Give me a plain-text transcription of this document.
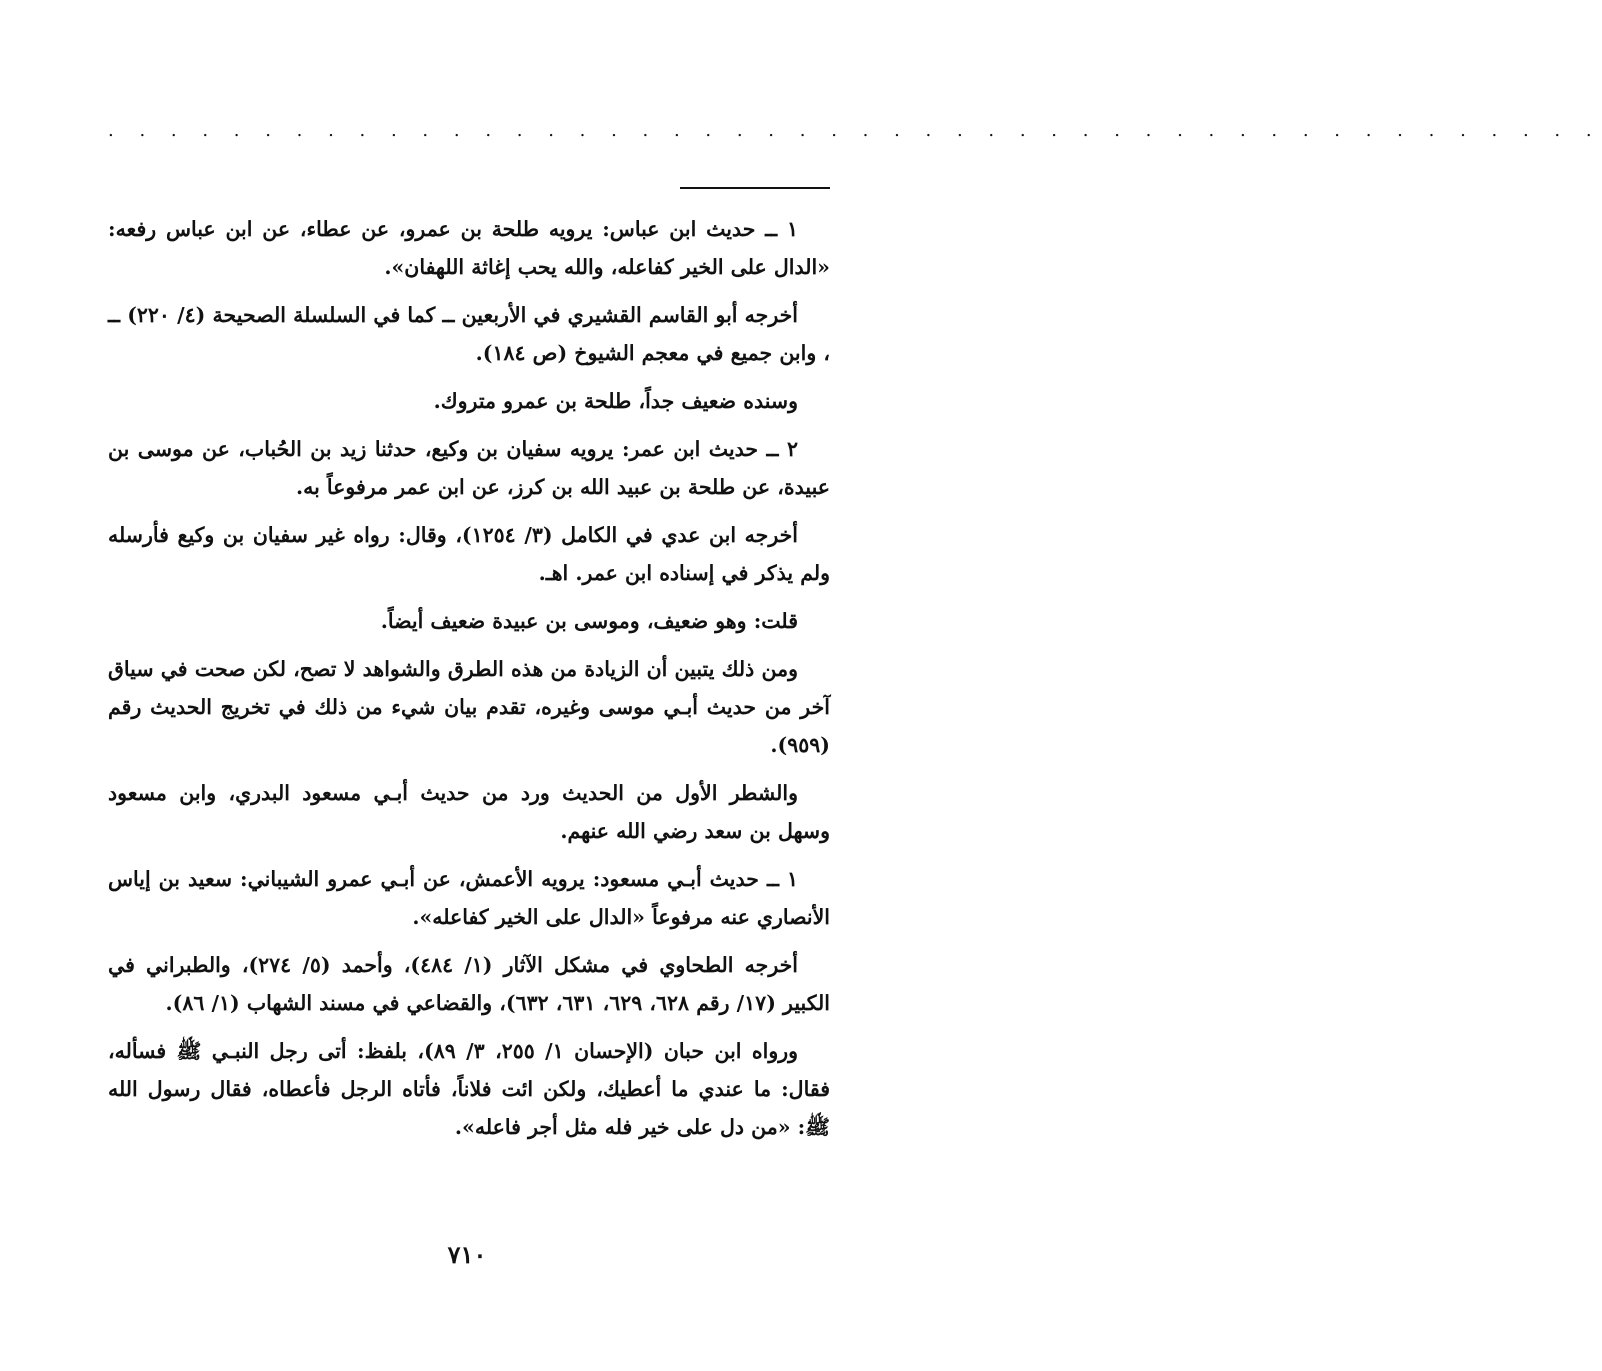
. . . . . . . . . . . . . . . . . . . . . . . . . . . . . . . . . . . . . . . . . . . . . . . .

١ ــ حديث ابن عباس: يرويه طلحة بن عمرو، عن عطاء، عن ابن عباس رفعه: «الدال على الخير كفاعله، والله يحب إغاثة اللهفان».

أخرجه أبو القاسم القشيري في الأربعين ــ كما في السلسلة الصحيحة (٤/ ٢٢٠) ــ ، وابن جميع في معجم الشيوخ (ص ١٨٤).

وسنده ضعيف جداً، طلحة بن عمرو متروك.

٢ ــ حديث ابن عمر: يرويه سفيان بن وكيع، حدثنا زيد بن الحُباب، عن موسى بن عبيدة، عن طلحة بن عبيد الله بن كرز، عن ابن عمر مرفوعاً به.

أخرجه ابن عدي في الكامل (٣/ ١٢٥٤)، وقال: رواه غير سفيان بن وكيع فأرسله ولم يذكر في إسناده ابن عمر. اهـ.

قلت: وهو ضعيف، وموسى بن عبيدة ضعيف أيضاً.

ومن ذلك يتبين أن الزيادة من هذه الطرق والشواهد لا تصح، لكن صحت في سياق آخر من حديث أبـي موسى وغيره، تقدم بيان شيء من ذلك في تخريج الحديث رقم (٩٥٩).

والشطر الأول من الحديث ورد من حديث أبـي مسعود البدري، وابن مسعود وسهل بن سعد رضي الله عنهم.

١ ــ حديث أبـي مسعود: يرويه الأعمش، عن أبـي عمرو الشيباني: سعيد بن إياس الأنصاري عنه مرفوعاً «الدال على الخير كفاعله».

أخرجه الطحاوي في مشكل الآثار (١/ ٤٨٤)، وأحمد (٥/ ٢٧٤)، والطبراني في الكبير (١٧/ رقم ٦٢٨، ٦٢٩، ٦٣١، ٦٣٢)، والقضاعي في مسند الشهاب (١/ ٨٦).

ورواه ابن حبان (الإحسان ١/ ٢٥٥، ٣/ ٨٩)، بلفظ: أتى رجل النبـي ﷺ فسأله، فقال: ما عندي ما أعطيك، ولكن ائت فلاناً، فأتاه الرجل فأعطاه، فقال رسول الله ﷺ: «من دل على خير فله مثل أجر فاعله».

٧١٠
